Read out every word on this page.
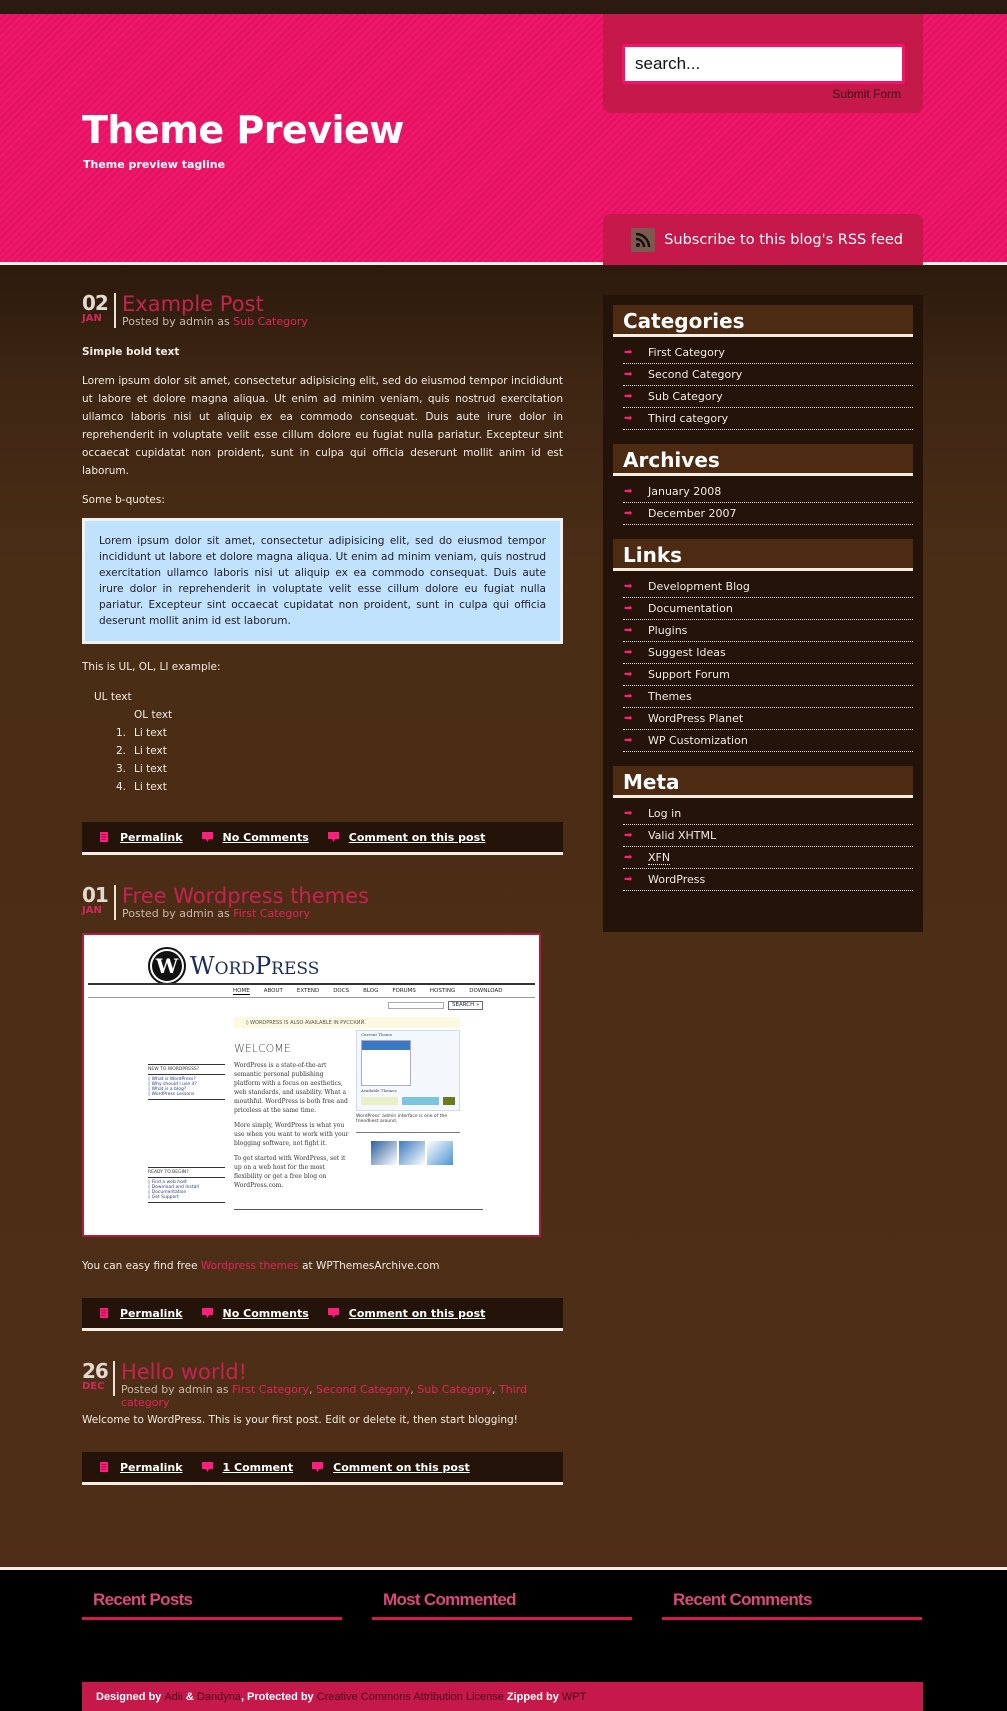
Theme Preview
Theme preview tagline
search...
Submit Form
Subscribe to this blog's RSS feed
02
JAN
Example Post
Posted by admin as Sub Category

Simple bold text

Lorem ipsum dolor sit amet, consectetur adipisicing elit, sed do eiusmod tempor incididunt ut labore et dolore magna aliqua. Ut enim ad minim veniam, quis nostrud exercitation ullamco laboris nisi ut aliquip ex ea commodo consequat. Duis aute irure dolor in reprehenderit in voluptate velit esse cillum dolore eu fugiat nulla pariatur. Excepteur sint occaecat cupidatat non proident, sunt in culpa qui officia deserunt mollit anim id est laborum.

Some b-quotes:

Lorem ipsum dolor sit amet, consectetur adipisicing elit, sed do eiusmod tempor incididunt ut labore et dolore magna aliqua. Ut enim ad minim veniam, quis nostrud exercitation ullamco laboris nisi ut aliquip ex ea commodo consequat. Duis aute irure dolor in reprehenderit in voluptate velit esse cillum dolore eu fugiat nulla pariatur. Excepteur sint occaecat cupidatat non proident, sunt in culpa qui officia deserunt mollit anim id est laborum.

This is UL, OL, LI example:

UL text
OL text
1. Li text
2. Li text
3. Li text
4. Li text
Permalink	No Comments	Comment on this post
01
JAN
Free Wordpress themes
Posted by admin as First Category
W WordPress
HOME	ABOUT	EXTEND	DOCS	BLOG	FORUMS	HOSTING	DOWNLOAD
SEARCH »
◊ WORDPRESS IS ALSO AVAILABLE IN РУССКИЙ.
WELCOME
NEW TO WORDPRESS?
◊ What is WordPress?
◊ Why should I use it?
◊ What is a blog?
◊ WordPress Lessons
READY TO BEGIN?
◊ Find a web host
◊ Download and Install
◊ Documentation
◊ Get Support
WordPress is a state-of-the-art semantic personal publishing platform with a focus on aesthetics, web standards, and usability. What a mouthful. WordPress is both free and priceless at the same time.
More simply, WordPress is what you use when you want to work with your blogging software, not fight it.
To get started with WordPress, set it up on a web host for the most flexibility or get a free blog on WordPress.com.
Current Theme
Available Themes
WordPress' admin interface is one of the friendliest around.

You can easy find free Wordpress themes at WPThemesArchive.com

Permalink	No Comments	Comment on this post
26
DEC
Hello world!
Posted by admin as First Category, Second Category, Sub Category, Third category

Welcome to WordPress. This is your first post. Edit or delete it, then start blogging!

Permalink	1 Comment	Comment on this post
Categories
➡	First Category
➡	Second Category
➡	Sub Category
➡	Third category
Archives
➡	January 2008
➡	December 2007
Links
➡	Development Blog
➡	Documentation
➡	Plugins
➡	Suggest Ideas
➡	Support Forum
➡	Themes
➡	WordPress Planet
➡	WP Customization
Meta
➡	Log in
➡	Valid XHTML
➡	XFN
➡	WordPress
Recent Posts	Most Commented	Recent Comments
Designed by
Adii
&
Dandyna , Protected by
Creative Commons Attribution License
Zipped by
WPT
